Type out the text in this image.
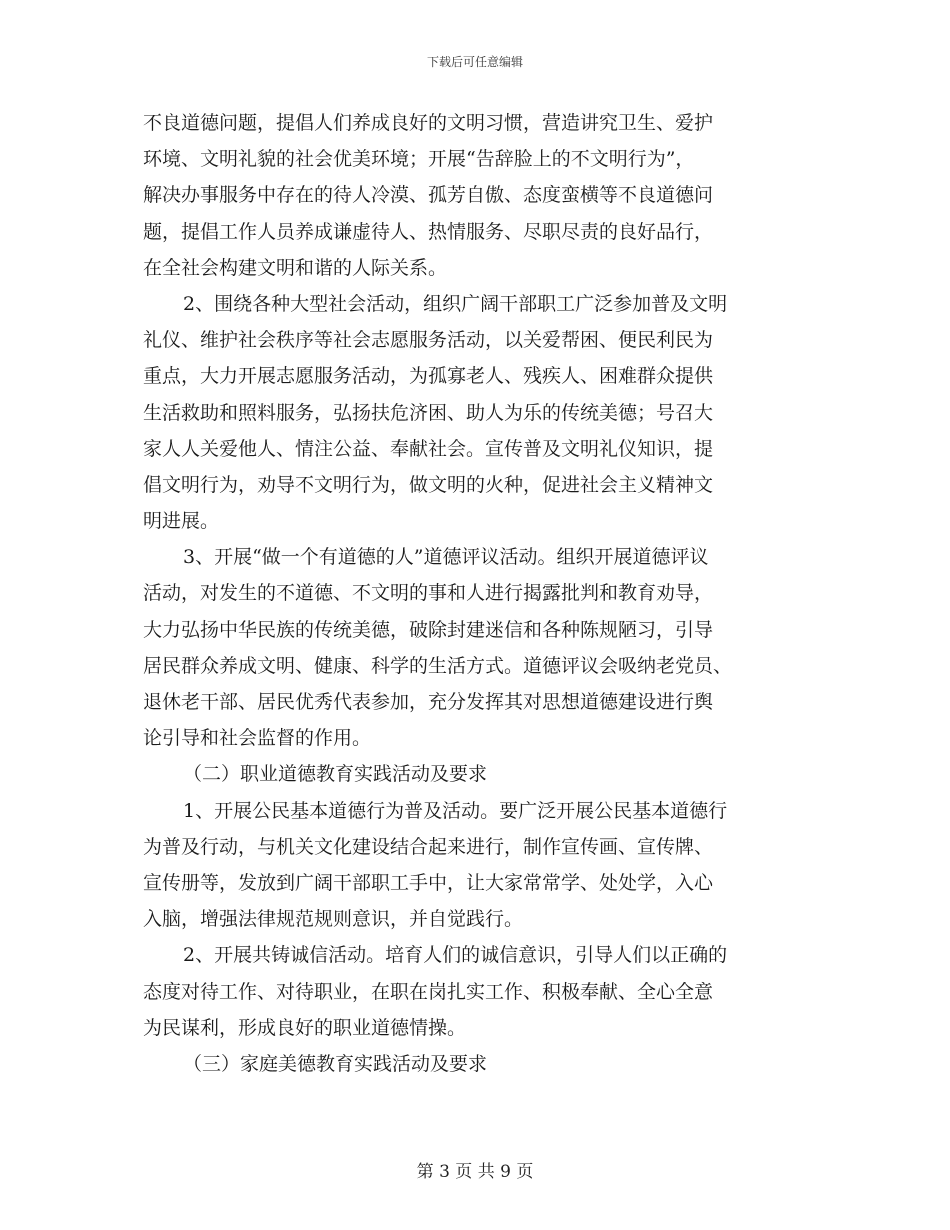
下载后可任意编辑
不良道德问题，提倡人们养成良好的文明习惯，营造讲究卫生、爱护
环境、文明礼貌的社会优美环境；开展“告辞脸上的不文明行为”，
解决办事服务中存在的待人冷漠、孤芳自傲、态度蛮横等不良道德问
题，提倡工作人员养成谦虚待人、热情服务、尽职尽责的良好品行，
在全社会构建文明和谐的人际关系。
2、围绕各种大型社会活动，组织广阔干部职工广泛参加普及文明
礼仪、维护社会秩序等社会志愿服务活动，以关爱帮困、便民利民为
重点，大力开展志愿服务活动，为孤寡老人、残疾人、困难群众提供
生活救助和照料服务，弘扬扶危济困、助人为乐的传统美德；号召大
家人人关爱他人、情注公益、奉献社会。宣传普及文明礼仪知识，提
倡文明行为，劝导不文明行为，做文明的火种，促进社会主义精神文
明进展。
3、开展“做一个有道德的人”道德评议活动。组织开展道德评议
活动，对发生的不道德、不文明的事和人进行揭露批判和教育劝导，
大力弘扬中华民族的传统美德，破除封建迷信和各种陈规陋习，引导
居民群众养成文明、健康、科学的生活方式。道德评议会吸纳老党员、
退休老干部、居民优秀代表参加，充分发挥其对思想道德建设进行舆
论引导和社会监督的作用。
（二）职业道德教育实践活动及要求
1、开展公民基本道德行为普及活动。要广泛开展公民基本道德行
为普及行动，与机关文化建设结合起来进行，制作宣传画、宣传牌、
宣传册等，发放到广阔干部职工手中，让大家常常学、处处学，入心
入脑，增强法律规范规则意识，并自觉践行。
2、开展共铸诚信活动。培育人们的诚信意识，引导人们以正确的
态度对待工作、对待职业，在职在岗扎实工作、积极奉献、全心全意
为民谋利，形成良好的职业道德情操。
（三）家庭美德教育实践活动及要求
第 3 页 共 9 页
